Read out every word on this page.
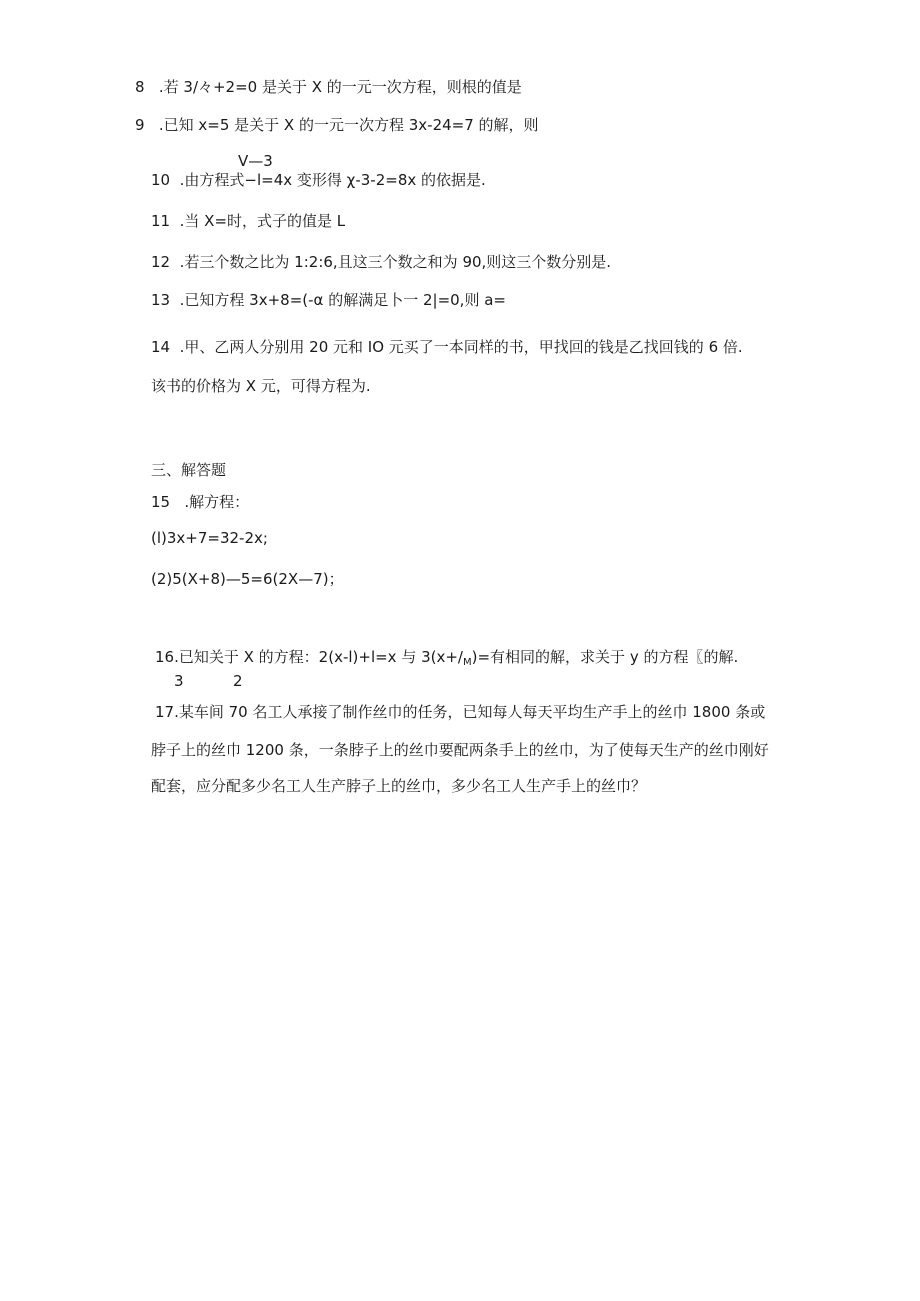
8 .若 3/々+2=0 是关于 X 的一元一次方程，则根的值是
9 .已知 x=5 是关于 X 的一元一次方程 3x-24=7 的解，则
V—3
10 .由方程式−l=4x 变形得 χ-3-2=8x 的依据是.
11 .当 X=时，式子的值是 L
12 .若三个数之比为 1:2:6,且这三个数之和为 90,则这三个数分别是.
13 .已知方程 3x+8=(-α 的解满足卜一 2|=0,则 a=
14 .甲、乙两人分别用 20 元和 IO 元买了一本同样的书，甲找回的钱是乙找回钱的 6 倍.
该书的价格为 X 元，可得方程为.
三、解答题
15 .解方程：
(l)3x+7=32-2x;
(2)5(X+8)—5=6(2X—7)；
16.已知关于 X 的方程：2(x-l)+l=x 与 $3(x+/_M)=$有相同的解，求关于 y 的方程〖的解.
3	2
17.某车间 70 名工人承接了制作丝巾的任务，已知每人每天平均生产手上的丝巾 1800 条或
脖子上的丝巾 1200 条，一条脖子上的丝巾要配两条手上的丝巾，为了使每天生产的丝巾刚好
配套，应分配多少名工人生产脖子上的丝巾，多少名工人生产手上的丝巾？
